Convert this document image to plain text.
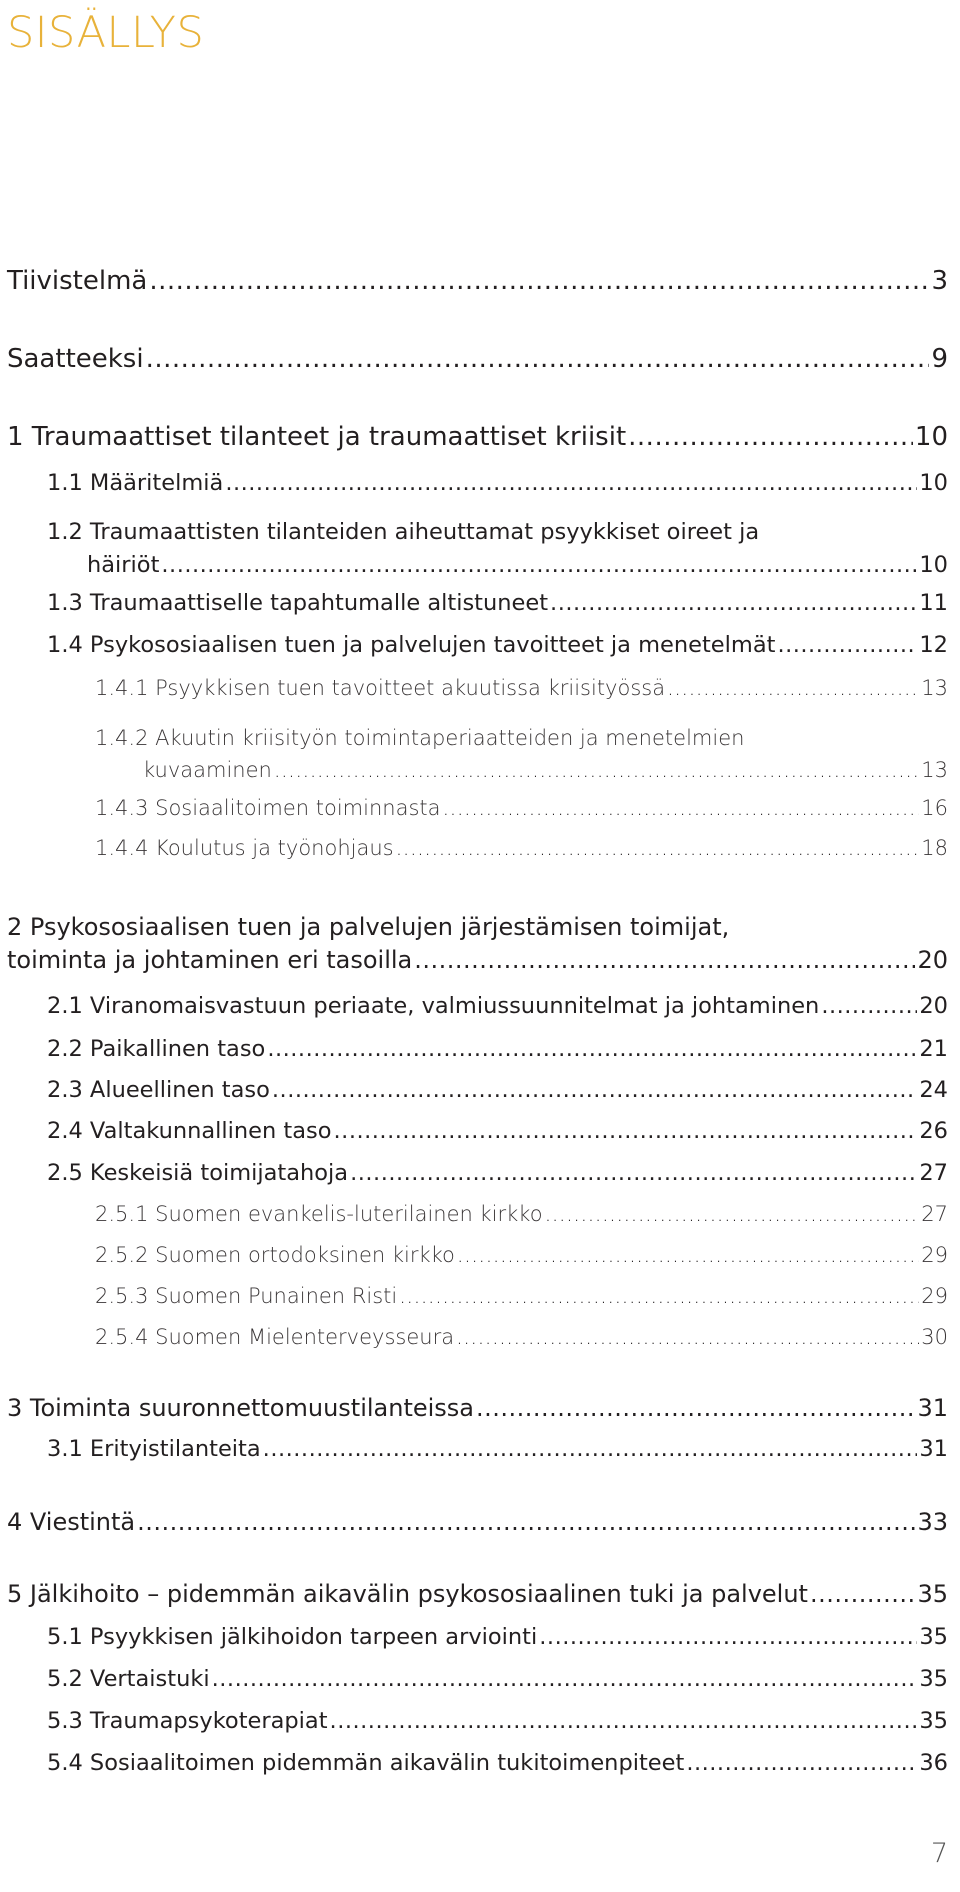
SISÄLLYS
Tiivistelmä .....	3
Saatteeksi .....	9
1 Traumaattiset tilanteet ja traumaattiset kriisit .....	10
1.1 Määritelmiä .....	10
1.2 Traumaattisten tilanteiden aiheuttamat psyykkiset oireet ja
häiriöt .....	10
1.3 Traumaattiselle tapahtumalle altistuneet .....	11
1.4 Psykososiaalisen tuen ja palvelujen tavoitteet ja menetelmät .....	12
1.4.1 Psyykkisen tuen tavoitteet akuutissa kriisityössä .....	13
1.4.2 Akuutin kriisityön toimintaperiaatteiden ja menetelmien
kuvaaminen .....	13
1.4.3 Sosiaalitoimen toiminnasta .....	16
1.4.4 Koulutus ja työnohjaus .....	18
2 Psykososiaalisen tuen ja palvelujen järjestämisen toimijat,
toiminta ja johtaminen eri tasoilla .....	20
2.1 Viranomaisvastuun periaate, valmiussuunnitelmat ja johtaminen .....	20
2.2 Paikallinen taso .....	21
2.3 Alueellinen taso .....	24
2.4 Valtakunnallinen taso .....	26
2.5 Keskeisiä toimijatahoja .....	27
2.5.1 Suomen evankelis-luterilainen kirkko .....	27
2.5.2 Suomen ortodoksinen kirkko .....	29
2.5.3 Suomen Punainen Risti .....	29
2.5.4 Suomen Mielenterveysseura .....	30
3 Toiminta suuronnettomuustilanteissa .....	31
3.1 Erityistilanteita .....	31
4 Viestintä .....	33
5 Jälkihoito – pidemmän aikavälin psykososiaalinen tuki ja palvelut .....	35
5.1 Psyykkisen jälkihoidon tarpeen arviointi .....	35
5.2 Vertaistuki .....	35
5.3 Traumapsykoterapiat .....	35
5.4 Sosiaalitoimen pidemmän aikavälin tukitoimenpiteet .....	36
7
